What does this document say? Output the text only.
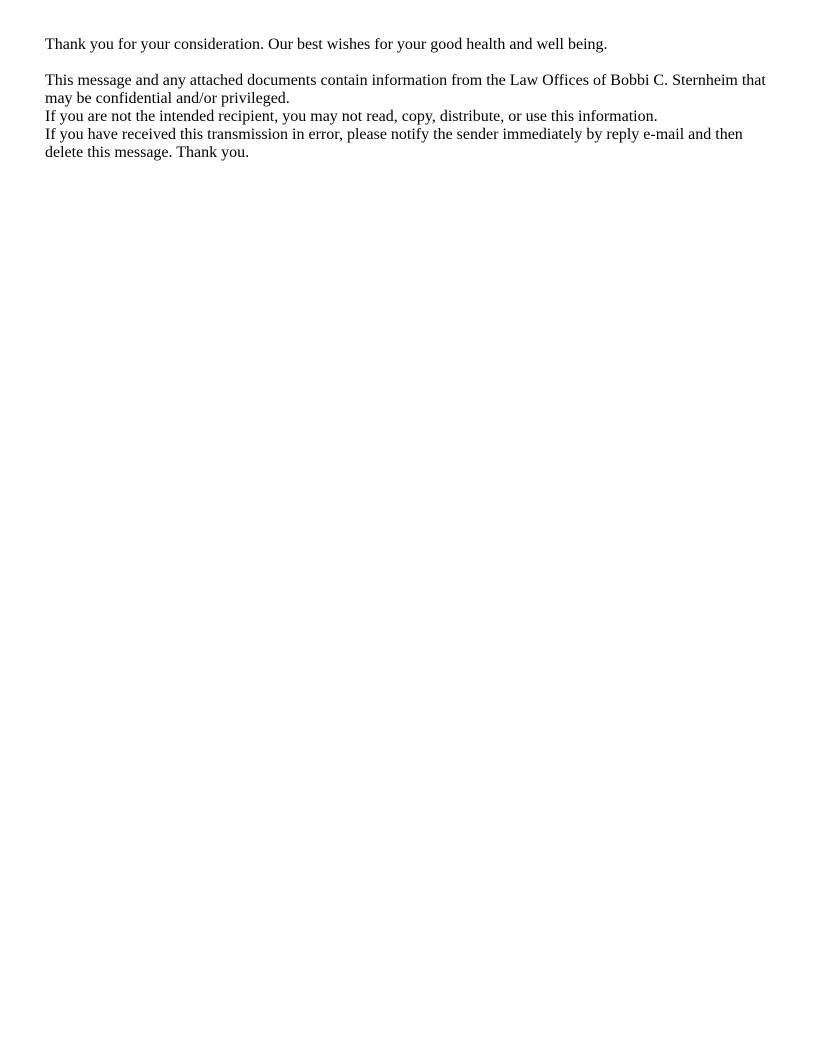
Thank you for your consideration. Our best wishes for your good health and well being.

This message and any attached documents contain information from the Law Offices of Bobbi C. Sternheim that may be confidential and/or privileged.

If you are not the intended recipient, you may not read, copy, distribute, or use this information.

If you have received this transmission in error, please notify the sender immediately by reply e-mail and then delete this message. Thank you.
